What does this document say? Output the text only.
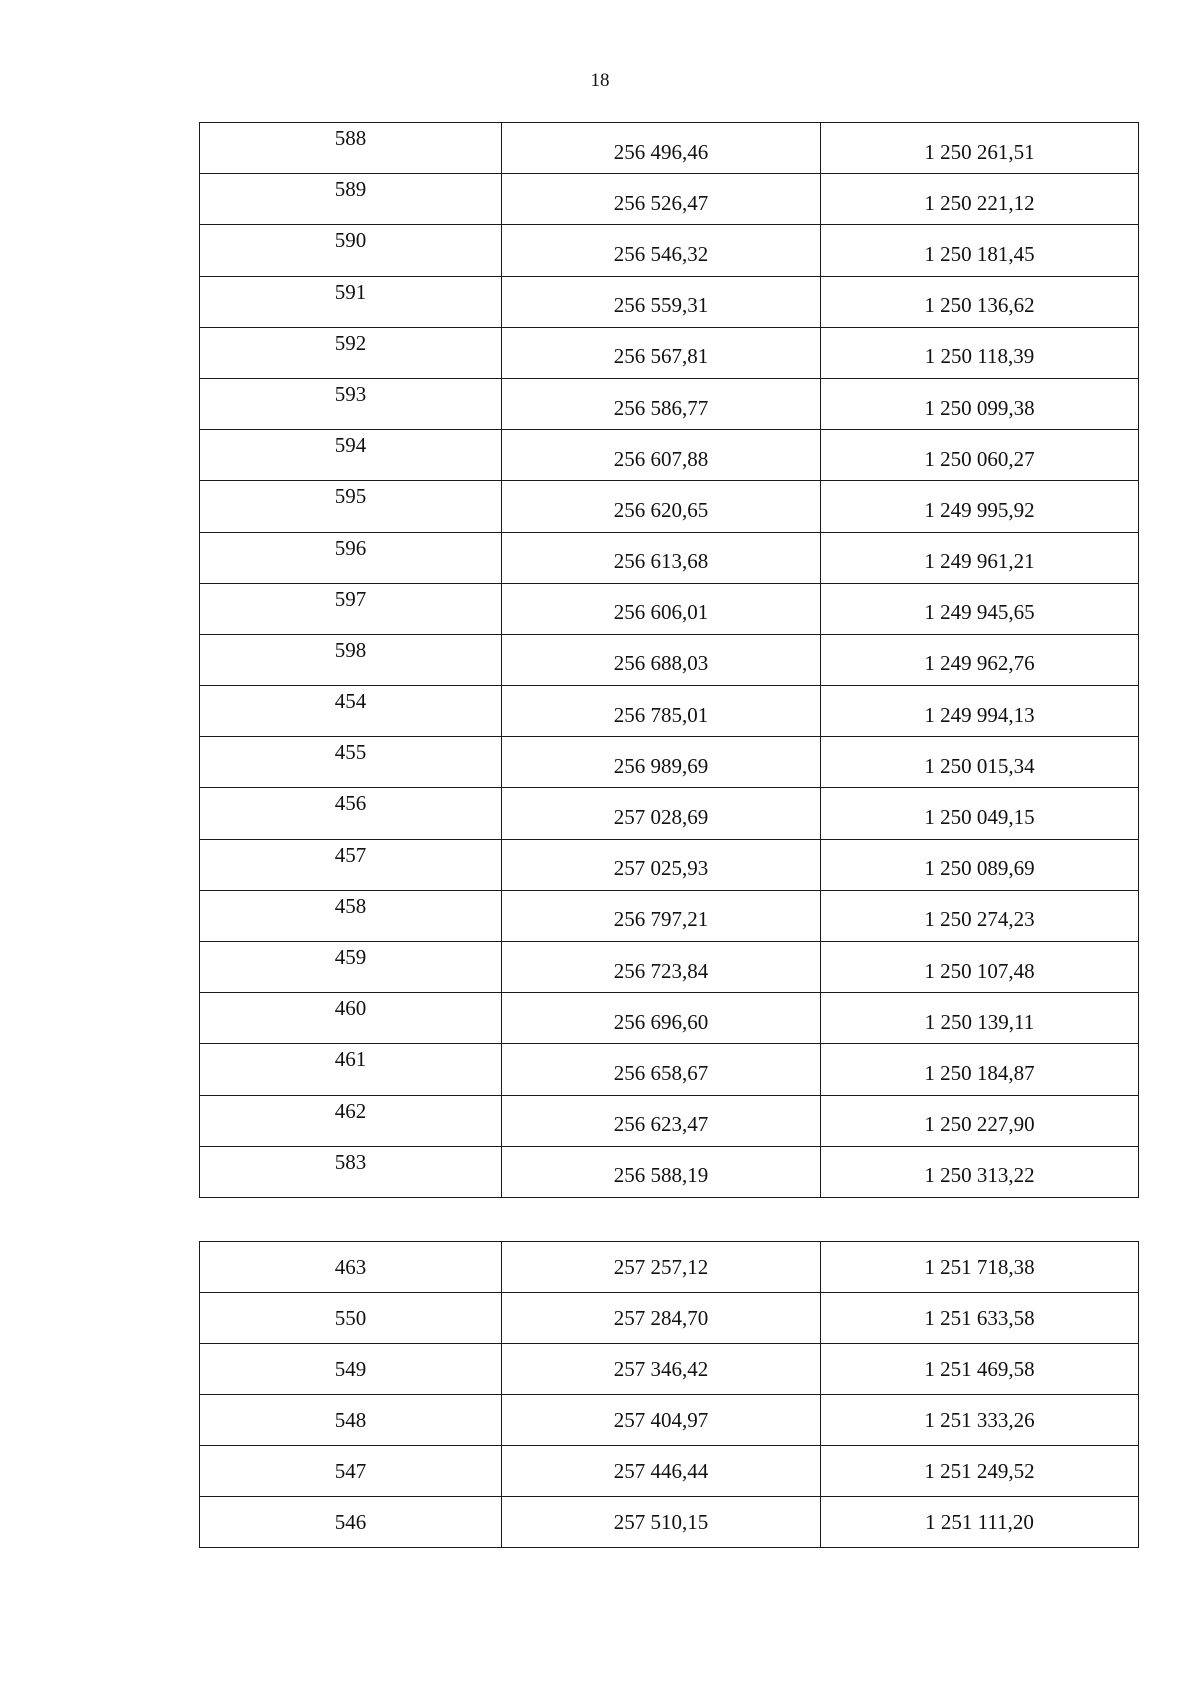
18
588	256 496,46	1 250 261,51
589	256 526,47	1 250 221,12
590	256 546,32	1 250 181,45
591	256 559,31	1 250 136,62
592	256 567,81	1 250 118,39
593	256 586,77	1 250 099,38
594	256 607,88	1 250 060,27
595	256 620,65	1 249 995,92
596	256 613,68	1 249 961,21
597	256 606,01	1 249 945,65
598	256 688,03	1 249 962,76
454	256 785,01	1 249 994,13
455	256 989,69	1 250 015,34
456	257 028,69	1 250 049,15
457	257 025,93	1 250 089,69
458	256 797,21	1 250 274,23
459	256 723,84	1 250 107,48
460	256 696,60	1 250 139,11
461	256 658,67	1 250 184,87
462	256 623,47	1 250 227,90
583	256 588,19	1 250 313,22
463	257 257,12	1 251 718,38
550	257 284,70	1 251 633,58
549	257 346,42	1 251 469,58
548	257 404,97	1 251 333,26
547	257 446,44	1 251 249,52
546	257 510,15	1 251 111,20
